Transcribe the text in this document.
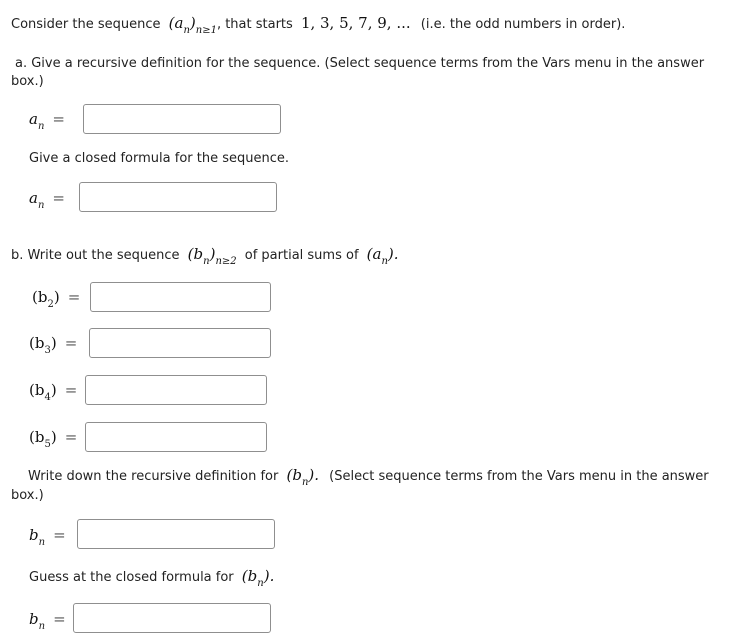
Consider the sequence $(a_n)_{n\ge 1}$, that starts 1, 3, 5, 7, 9, ... (i.e. the odd numbers in order).
a. Give a recursive definition for the sequence. (Select sequence terms from the Vars menu in the answer box.)
$a_n$ =
Give a closed formula for the sequence.
$a_n$ =
b. Write out the sequence $(b_n)_{n\ge 2}$ of partial sums of $(a_n)$.
$(b_2)$ =
$(b_3)$ =
$(b_4)$ =
$(b_5)$ =
Write down the recursive definition for $(b_n)$. (Select sequence terms from the Vars menu in the answer box.)
$b_n$ =
Guess at the closed formula for $(b_n)$.
$b_n$ =
